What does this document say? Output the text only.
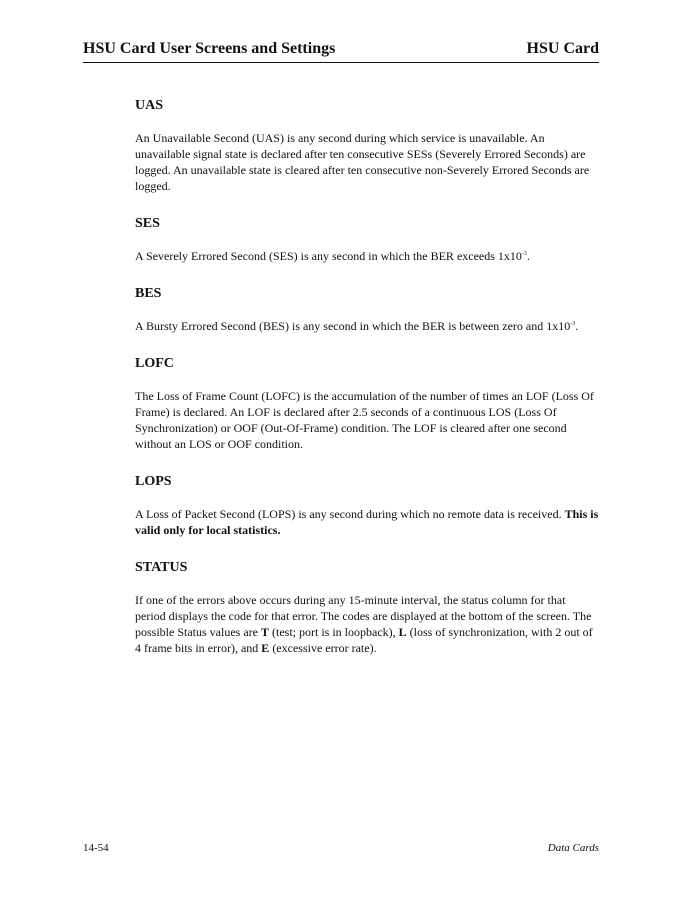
HSU Card User Screens and Settings	HSU Card
UAS

An Unavailable Second (UAS) is any second during which service is unavailable. An unavailable signal state is declared after ten consecutive SESs (Severely Errored Seconds) are logged. An unavailable state is cleared after ten consecutive non-Severely Errored Seconds are logged.

SES

A Severely Errored Second (SES) is any second in which the BER exceeds $1x10^{-3}$.

BES

A Bursty Errored Second (BES) is any second in which the BER is between zero and $1x10^{-3}$.

LOFC

The Loss of Frame Count (LOFC) is the accumulation of the number of times an LOF (Loss Of Frame) is declared. An LOF is declared after 2.5 seconds of a continuous LOS (Loss Of Synchronization) or OOF (Out-Of-Frame) condition. The LOF is cleared after one second without an LOS or OOF condition.

LOPS

A Loss of Packet Second (LOPS) is any second during which no remote data is received. This is valid only for local statistics.

STATUS

If one of the errors above occurs during any 15-minute interval, the status column for that period displays the code for that error. The codes are displayed at the bottom of the screen. The possible Status values are T (test; port is in loopback), L (loss of synchronization, with 2 out of 4 frame bits in error), and E (excessive error rate).

14-54	Data Cards
